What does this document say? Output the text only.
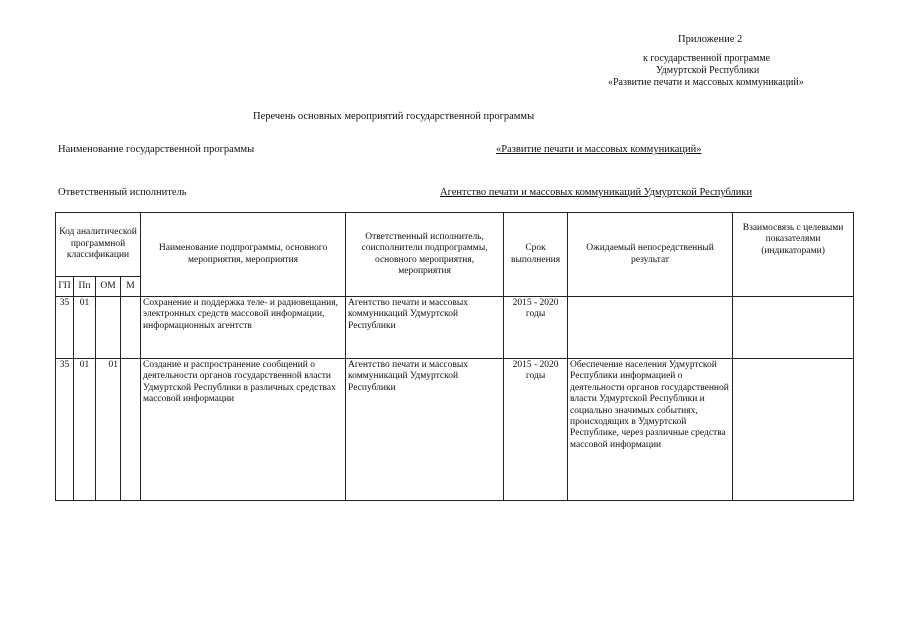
Приложение 2
к государственной программе
Удмуртской Республики
«Развитие печати и массовых коммуникаций»
Перечень основных мероприятий государственной программы
Наименование государственной программы	«Развитие печати и массовых коммуникаций»
Ответственный исполнитель	Агентство печати и массовых коммуникаций Удмуртской Республики
Код аналитической программной классификации				Наименование подпрограммы, основного мероприятия, мероприятия	Ответственный исполнитель, соисполнители подпрограммы, основного мероприятия, мероприятия	Срок выполнения	Ожидаемый непосредственный результат	Взаимосвязь с целевыми показателями (индикаторами)
ГП	Пп	ОМ	М					
35	01			Сохранение и поддержка теле- и радиовещания, электронных средств массовой информации, информационных агентств	Агентство печати и массовых коммуникаций Удмуртской Республики	2015 - 2020 годы		
35	01	01		Создание и распространение сообщений о деятельности органов государственной власти Удмуртской Республики в различных средствах массовой информации	Агентство печати и массовых коммуникаций Удмуртской Республики	2015 - 2020 годы	Обеспечение населения Удмуртской Республики информацией о деятельности органов государственной власти Удмуртской Республики и социально значимых событиях, происходящих в Удмуртской Республике, через различные средства массовой информации	
